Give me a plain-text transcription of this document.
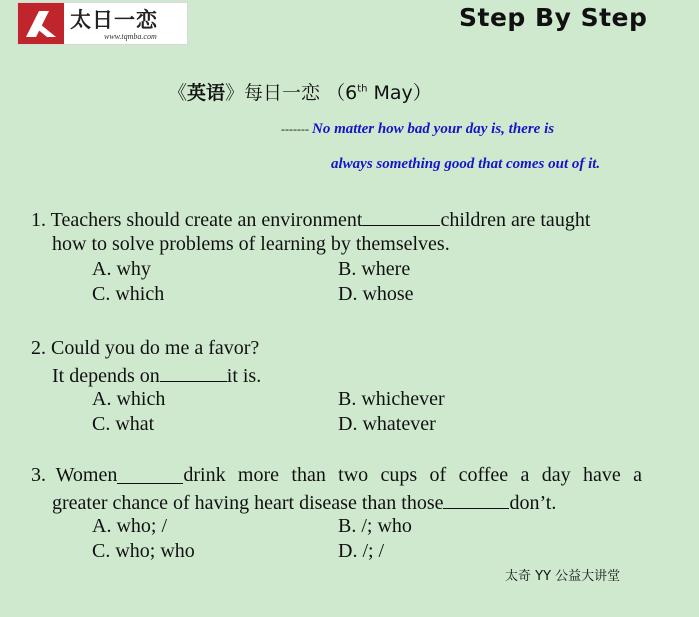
太日一恋
www.tqmba.com
Step By Step
《英语》每日一恋 （6th May）
------- No matter how bad your day is, there is
always something good that comes out of it.
1. Teachers should create an environment	children are taught
how to solve problems of learning by themselves.
A. why	B. where
C. which	D. whose
2. Could you do me a favor?
It depends on	it is.
A. which	B. whichever
C. what	D. whatever
3. Women	drink more than two cups of coffee a day have a
greater chance of having heart disease than those	don’t.
A. who; /	B. /; who
C. who; who	D. /; /
太奇 YY 公益大讲堂
